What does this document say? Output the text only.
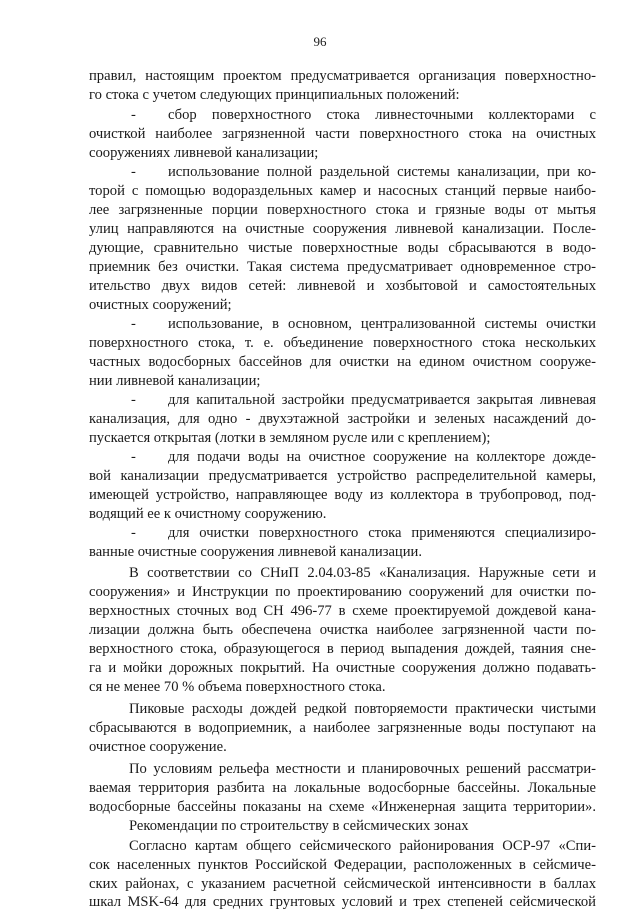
96
правил, настоящим проектом предусматривается организация поверхностно-
го стока с учетом следующих принципиальных положений:
-	сбор поверхностного стока ливнесточными коллекторами с
очисткой наиболее загрязненной части поверхностного стока на очистных
сооружениях ливневой канализации;
-	использование полной раздельной системы канализации, при ко-
торой с помощью водораздельных камер и насосных станций первые наибо-
лее загрязненные порции поверхностного стока и грязные воды от мытья
улиц направляются на очистные сооружения ливневой канализации. После-
дующие, сравнительно чистые поверхностные воды сбрасываются в водо-
приемник без очистки. Такая система предусматривает одновременное стро-
ительство двух видов сетей: ливневой и хозбытовой и самостоятельных
очистных сооружений;
-	использование, в основном, централизованной системы очистки
поверхностного стока, т. е. объединение поверхностного стока нескольких
частных водосборных бассейнов для очистки на едином очистном сооруже-
нии ливневой канализации;
-	для капитальной застройки предусматривается закрытая ливневая
канализация, для одно - двухэтажной застройки и зеленых насаждений до-
пускается открытая (лотки в земляном русле или с креплением);
-	для подачи воды на очистное сооружение на коллекторе дожде-
вой канализации предусматривается устройство распределительной камеры,
имеющей устройство, направляющее воду из коллектора в трубопровод, под-
водящий ее к очистному сооружению.
-	для очистки поверхностного стока применяются специализиро-
ванные очистные сооружения ливневой канализации.
В соответствии со СНиП 2.04.03-85 «Канализация. Наружные сети и
сооружения» и Инструкции по проектированию сооружений для очистки по-
верхностных сточных вод СН 496-77 в схеме проектируемой дождевой кана-
лизации должна быть обеспечена очистка наиболее загрязненной части по-
верхностного стока, образующегося в период выпадения дождей, таяния сне-
га и мойки дорожных покрытий. На очистные сооружения должно подавать-
ся не менее 70 % объема поверхностного стока.
Пиковые расходы дождей редкой повторяемости практически чистыми
сбрасываются в водоприемник, а наиболее загрязненные воды поступают на
очистное сооружение.
По условиям рельефа местности и планировочных решений рассматри-
ваемая территория разбита на локальные водосборные бассейны. Локальные
водосборные бассейны показаны на схеме «Инженерная защита территории».
Рекомендации по строительству в сейсмических зонах
Согласно картам общего сейсмического районирования ОСР-97 «Спи-
сок населенных пунктов Российской Федерации, расположенных в сейсмиче-
ских районах, с указанием расчетной сейсмической интенсивности в баллах
шкал MSK-64 для средних грунтовых условий и трех степеней сейсмической
